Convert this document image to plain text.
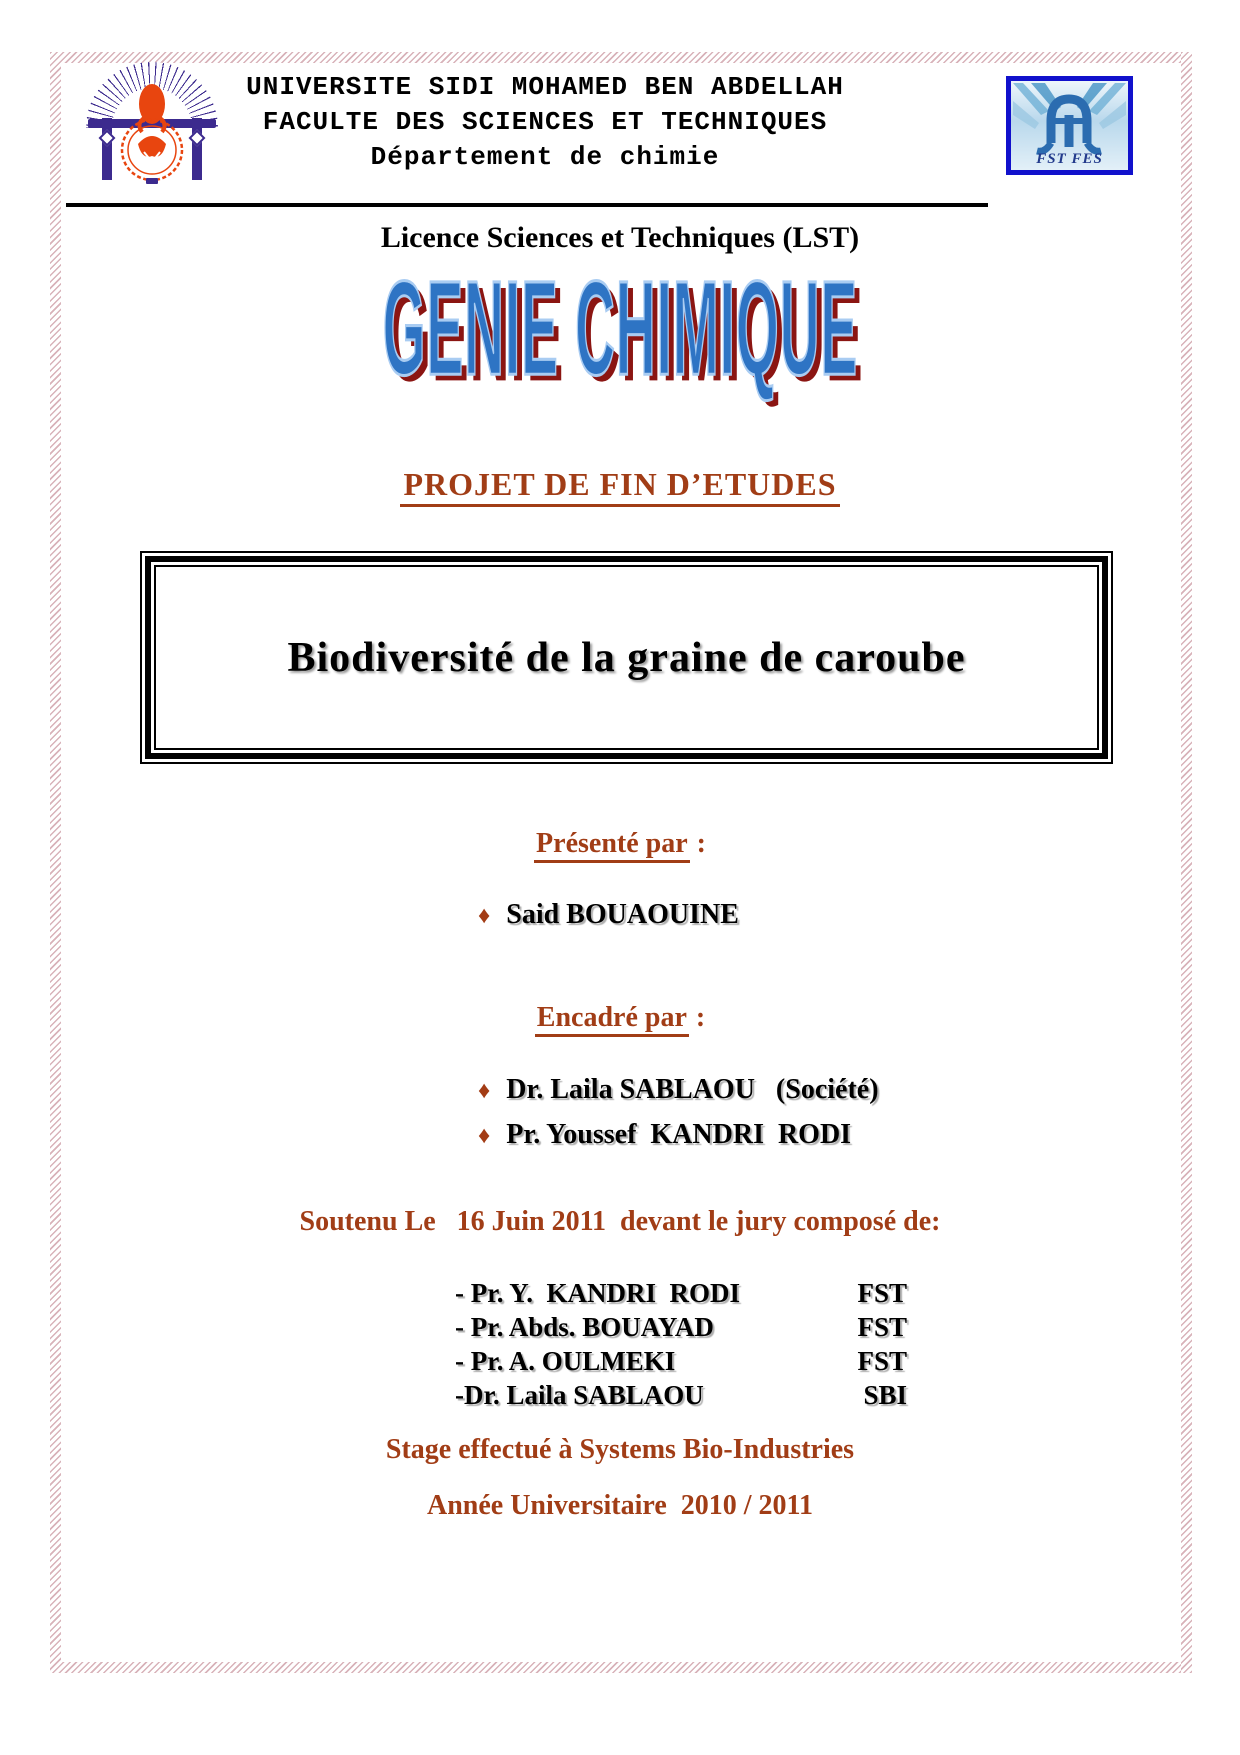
UNIVERSITE SIDI MOHAMED BEN ABDELLAH
FACULTE DES SCIENCES ET TECHNIQUES
Département de chimie	FST FES
Licence Sciences et Techniques (LST)
GENIE CHIMIQUE
PROJET DE FIN D’ETUDES
Biodiversité de la graine de caroube
Présenté par :
♦ Said BOUAOUINE
Encadré par :
♦ Dr. Laila SABLAOU   (Société)
♦ Pr. Youssef  KANDRI  RODI
Soutenu Le   16 Juin 2011  devant le jury composé de:
- Pr. Y.  KANDRI  RODI	FST
- Pr. Abds. BOUAYAD	FST
- Pr. A. OULMEKI	FST
-Dr. Laila SABLAOU	SBI
Stage effectué à Systems Bio-Industries
Année Universitaire  2010 / 2011
